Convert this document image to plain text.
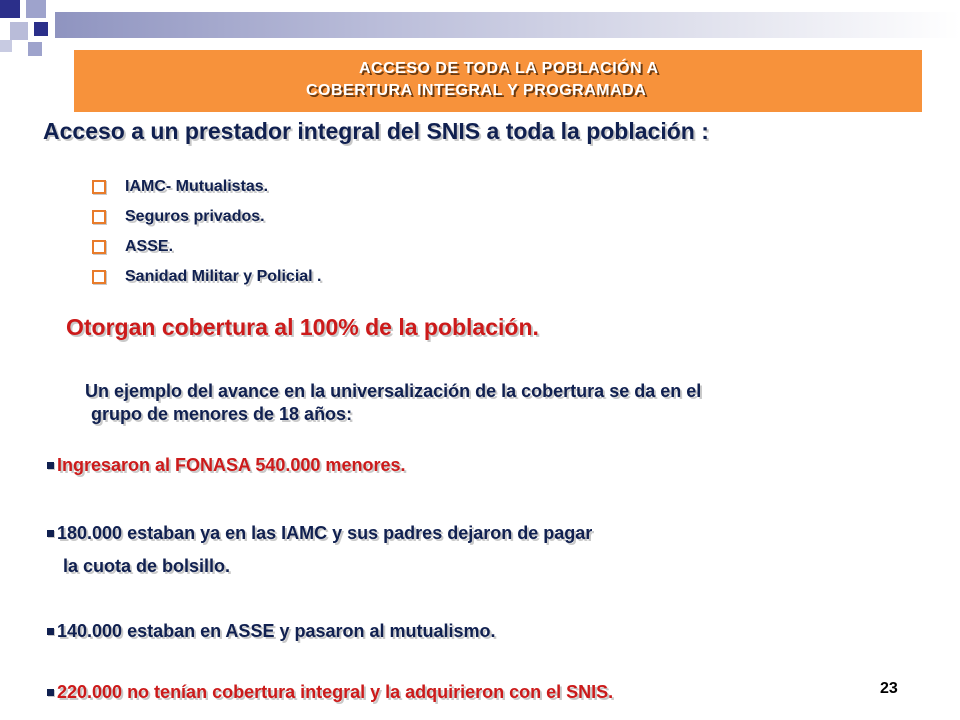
ACCESO DE TODA LA POBLACIÓN A
COBERTURA INTEGRAL Y PROGRAMADA
Acceso a un prestador integral del SNIS a toda la población :
IAMC- Mutualistas.
Seguros privados.
ASSE.
Sanidad Militar y Policial .
Otorgan cobertura al 100% de la población.
Un ejemplo del avance en la universalización de la cobertura se da en el
grupo de menores de 18 años:
Ingresaron al FONASA 540.000 menores.
180.000 estaban ya en las IAMC y sus padres dejaron de pagar
la cuota de bolsillo.
140.000 estaban en ASSE y pasaron al mutualismo.
220.000 no tenían cobertura integral y la adquirieron con el SNIS.	23
